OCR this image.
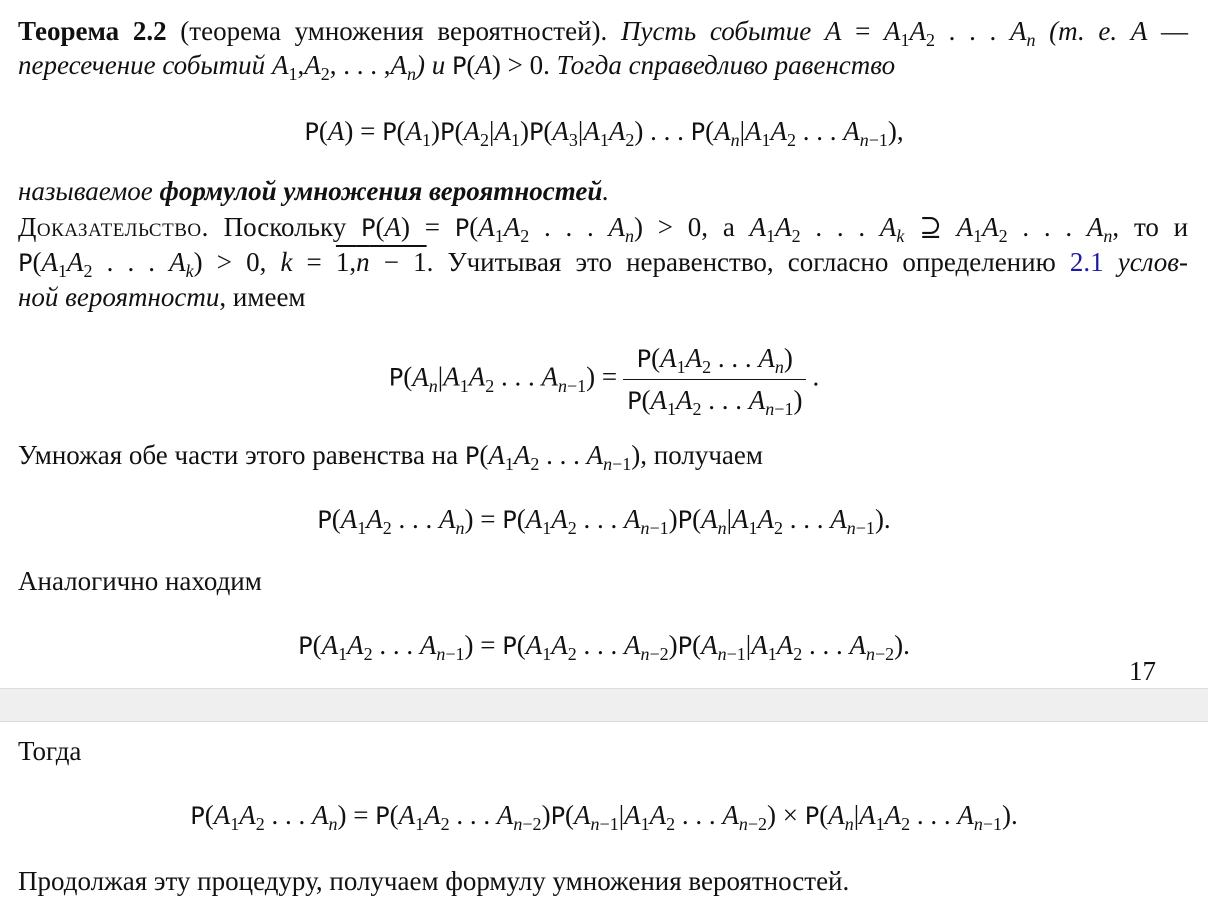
Теорема 2.2 (теорема умножения вероятностей). Пусть событие $A = A_1A_2$ . . . $A_n$ (т. е. A —

пересечение событий $A_1,A_2$, . . . $,A_n$) и P(A) > 0. Тогда справедливо равенство

$P(A) = P(A_1)P(A_2|A_1)P(A_3|A_1A_2)$ . . . $P(A_n|A_1A_2$ . . . $A_{n-1}$),

называемое формулой умножения вероятностей.

Доказательство. Поскольку $P(A) = P(A_1A_2$ . . . $A_n) > 0$, а $A_1A_2$ . . . $A_k$ ⊇ $A_1A_2$ . . . $A_n$, то и

$P(A_1A_2$ . . . $A_k) > 0$, k = 1,n − 1. Учитывая это неравенство, согласно определению 2.1 услов-

ной вероятности, имеем

$P(A_n|A_1A_2$ . . . $A_{n-1}) = \frac{P(A_1A_2 . . . A_n)}{P(A_1A_2 . . . A_{n-1})}$ .

Умножая обе части этого равенства на $P(A_1A_2$ . . . $A_{n-1}$), получаем

$P(A_1A_2$ . . . $A_n) = P(A_1A_2$ . . . $A_{n-1})P(A_n|A_1A_2$ . . . $A_{n-1}$).

Аналогично находим

$P(A_1A_2$ . . . $A_{n-1}) = P(A_1A_2$ . . . $A_{n-2})P(A_{n-1}|A_1A_2$ . . . $A_{n-2}$).
17

Тогда

$P(A_1A_2$ . . . $A_n) = P(A_1A_2$ . . . $A_{n-2})P(A_{n-1}|A_1A_2$ . . . $A_{n-2}) \times P(A_n|A_1A_2$ . . . $A_{n-1}$).

Продолжая эту процедуру, получаем формулу умножения вероятностей.
